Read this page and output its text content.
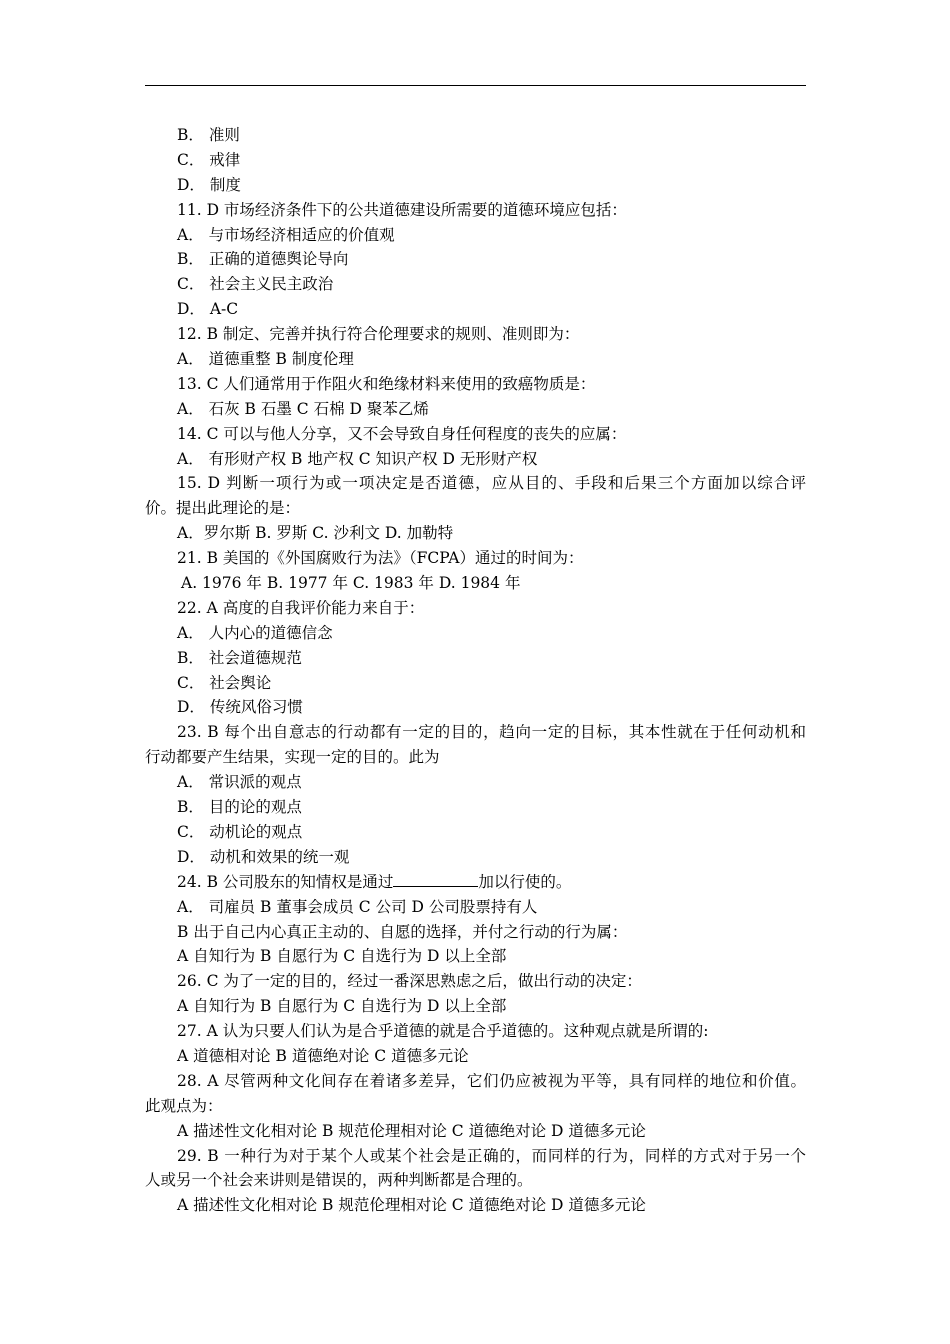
B． 准则
C． 戒律
D． 制度
11. D 市场经济条件下的公共道德建设所需要的道德环境应包括：
A． 与市场经济相适应的价值观
B． 正确的道德舆论导向
C． 社会主义民主政治
D． A-C
12. B 制定、完善并执行符合伦理要求的规则、准则即为：
A． 道德重整 B 制度伦理
13. C 人们通常用于作阻火和绝缘材料来使用的致癌物质是：
A． 石灰 B 石墨 C 石棉 D 聚苯乙烯
14. C 可以与他人分享，又不会导致自身任何程度的丧失的应属：
A． 有形财产权 B 地产权 C 知识产权 D 无形财产权
15. D 判断一项行为或一项决定是否道德，应从目的、手段和后果三个方面加以综合评
价。提出此理论的是：
A．罗尔斯 B. 罗斯 C. 沙利文 D. 加勒特
21. B 美国的《外国腐败行为法》（FCPA）通过的时间为：
A. 1976 年 B. 1977 年 C. 1983 年 D. 1984 年
22. A 高度的自我评价能力来自于：
A． 人内心的道德信念
B． 社会道德规范
C． 社会舆论
D． 传统风俗习惯
23. B 每个出自意志的行动都有一定的目的，趋向一定的目标，其本性就在于任何动机和
行动都要产生结果，实现一定的目的。此为
A． 常识派的观点
B． 目的论的观点
C． 动机论的观点
D． 动机和效果的统一观
24. B 公司股东的知情权是通过	加以行使的。
A． 司雇员 B 董事会成员 C 公司 D 公司股票持有人
B 出于自己内心真正主动的、自愿的选择，并付之行动的行为属：
A 自知行为 B 自愿行为 C 自选行为 D 以上全部
26. C 为了一定的目的，经过一番深思熟虑之后，做出行动的决定：
A 自知行为 B 自愿行为 C 自选行为 D 以上全部
27. A 认为只要人们认为是合乎道德的就是合乎道德的。这种观点就是所谓的:
A 道德相对论 B 道德绝对论 C 道德多元论
28. A 尽管两种文化间存在着诸多差异，它们仍应被视为平等，具有同样的地位和价值。
此观点为：
A 描述性文化相对论 B 规范伦理相对论 C 道德绝对论 D 道德多元论
29. B 一种行为对于某个人或某个社会是正确的，而同样的行为，同样的方式对于另一个
人或另一个社会来讲则是错误的，两种判断都是合理的。
A 描述性文化相对论 B 规范伦理相对论 C 道德绝对论 D 道德多元论
